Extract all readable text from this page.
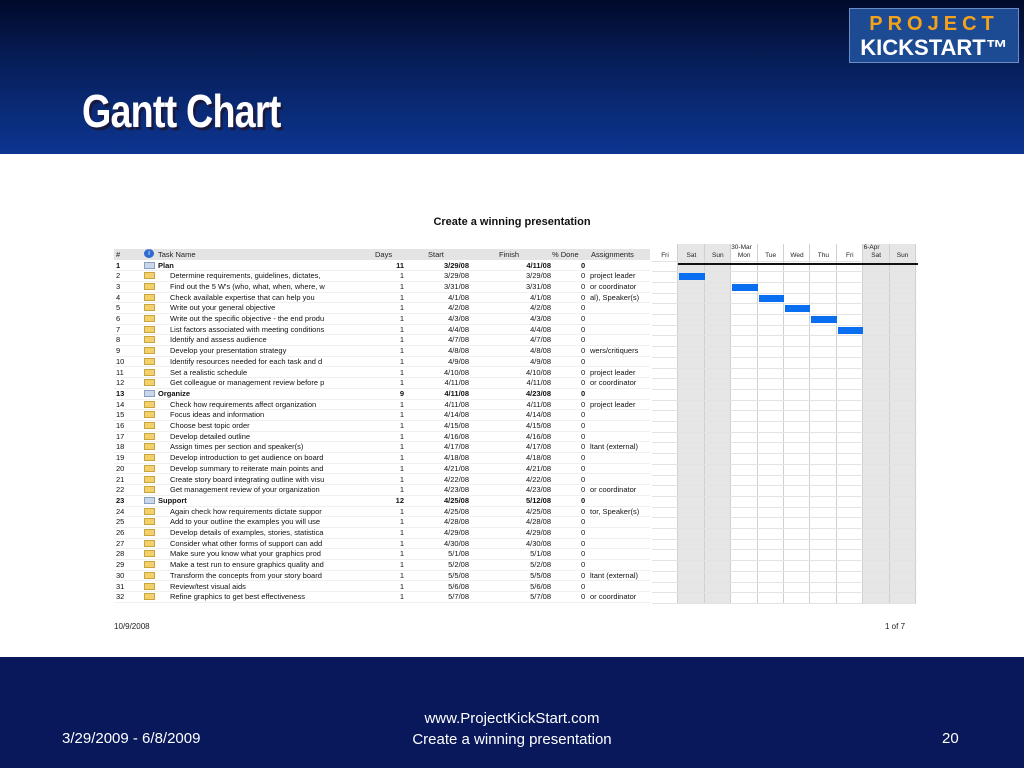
Gantt Chart
PROJECT
KICKSTART™
Create a winning presentation
#	i	Task Name	Days	Start	Finish	% Done Assignments
1	Plan	11	3/29/08	4/11/08	0
2	Determine requirements, guidelines, dictates,	1	3/29/08	3/29/08	0 project leader
3	Find out the 5 W's (who, what, when, where, w	1	3/31/08	3/31/08	0 or coordinator
4	Check available expertise that can help you	1	4/1/08	4/1/08	0 al), Speaker(s)
5	Write out your general objective	1	4/2/08	4/2/08	0
6	Write out the specific objective - the end produ	1	4/3/08	4/3/08	0
7	List factors associated with meeting conditions	1	4/4/08	4/4/08	0
8	Identify and assess audience	1	4/7/08	4/7/08	0
9	Develop your presentation strategy	1	4/8/08	4/8/08	0 wers/critiquers
10	Identify resources needed for each task and d	1	4/9/08	4/9/08	0
11	Set a realistic schedule	1	4/10/08	4/10/08	0 project leader
12	Get colleague or management review before p	1	4/11/08	4/11/08	0 or coordinator
13	Organize	9	4/11/08	4/23/08	0
14	Check how requirements affect organization	1	4/11/08	4/11/08	0 project leader
15	Focus ideas and information	1	4/14/08	4/14/08	0
16	Choose best topic order	1	4/15/08	4/15/08	0
17	Develop detailed outline	1	4/16/08	4/16/08	0
18	Assign times per section and speaker(s)	1	4/17/08	4/17/08	0 ltant (external)
19	Develop introduction to get audience on board	1	4/18/08	4/18/08	0
20	Develop summary to reiterate main points and	1	4/21/08	4/21/08	0
21	Create story board integrating outline with visu	1	4/22/08	4/22/08	0
22	Get management review of your organization	1	4/23/08	4/23/08	0 or coordinator
23	Support	12	4/25/08	5/12/08	0
24	Again check how requirements dictate suppor	1	4/25/08	4/25/08	0 tor, Speaker(s)
25	Add to your outline the examples you will use	1	4/28/08	4/28/08	0
26	Develop details of examples, stories, statistica	1	4/29/08	4/29/08	0
27	Consider what other forms of support can add	1	4/30/08	4/30/08	0
28	Make sure you know what your graphics prod	1	5/1/08	5/1/08	0
29	Make a test run to ensure graphics quality and	1	5/2/08	5/2/08	0
30	Transform the concepts from your story board	1	5/5/08	5/5/08	0 ltant (external)
31	Review/test visual aids	1	5/6/08	5/6/08	0
32	Refine graphics to get best effectiveness	1	5/7/08	5/7/08	0 or coordinator
Fri	Sat	Sun	Mon	Tue	Wed	Thu	Fri	Sat	Sun
30-Mar	6-Apr
10/9/2008	1 of 7
3/29/2009 - 6/8/2009
www.ProjectKickStart.com
Create a winning presentation	20
